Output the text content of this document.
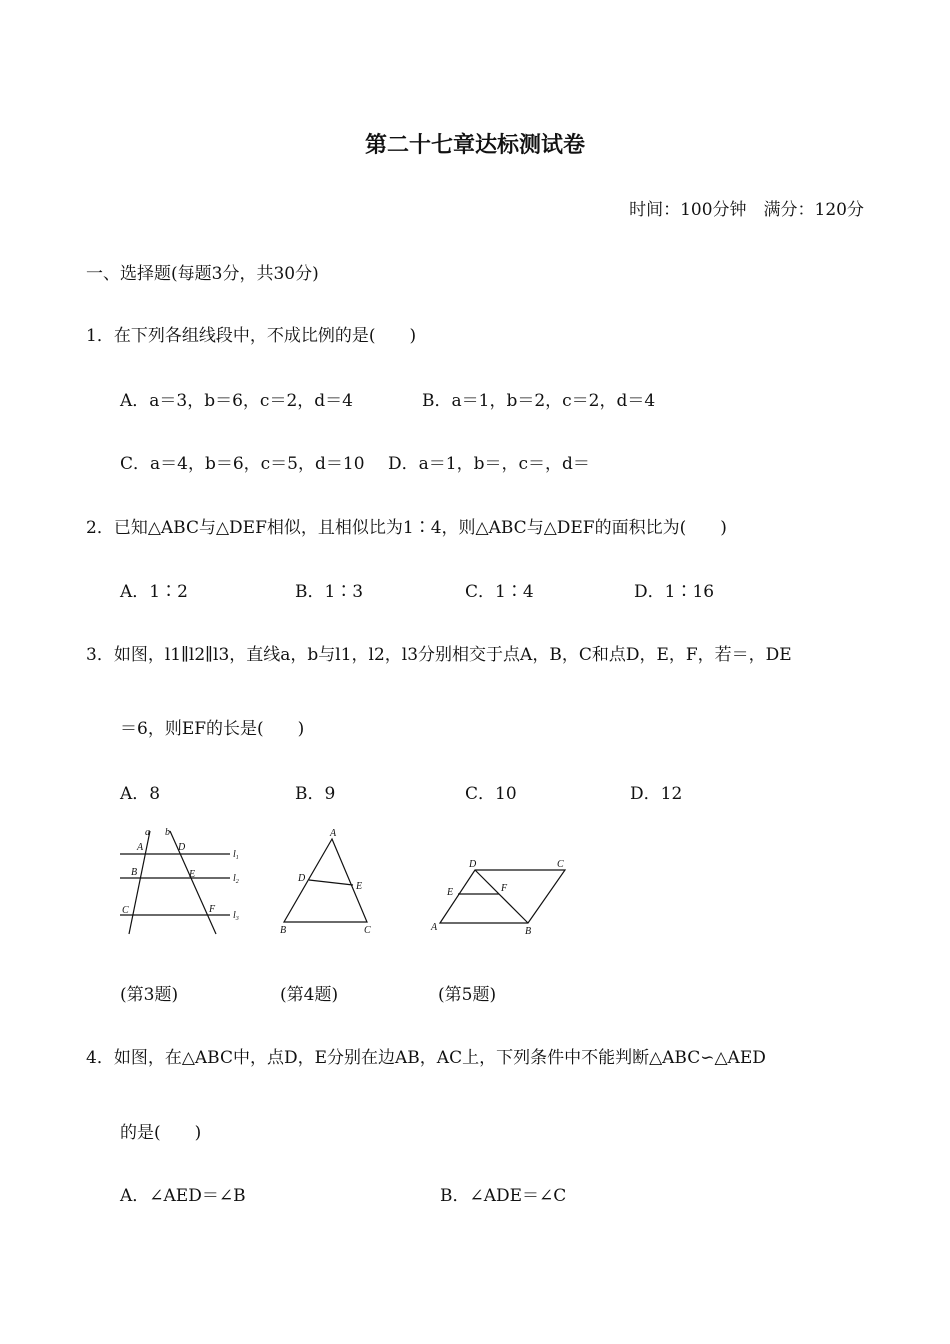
第二十七章达标测试卷
时间：100分钟　满分：120分
一、选择题(每题3分，共30分)
1．在下列各组线段中，不成比例的是(　　)
A．a＝3，b＝6，c＝2，d＝4	B．a＝1，b＝2，c＝2，d＝4
C．a＝4，b＝6，c＝5，d＝10 D．a＝1，b＝，c＝，d＝
2．已知△ABC与△DEF相似，且相似比为1∶4，则△ABC与△DEF的面积比为(　　)
A．1∶2	B．1∶3	C．1∶4	D．1∶16
3．如图，l1∥l2∥l3，直线a，b与l1，l2，l3分别相交于点A，B，C和点D，E，F，若＝，DE
＝6，则EF的长是(　　)
A．8	B．9	C．10	D．12
a b
A	D
B	E
C	F
$l_1$
$l_2$
$l_3$
A
D
E
B	C
D	C
E	F
A	B
(第3题)	(第4题)	(第5题)
4．如图，在△ABC中，点D，E分别在边AB，AC上，下列条件中不能判断△ABC∽△AED
的是(　　)
A．∠AED＝∠B	B．∠ADE＝∠C
